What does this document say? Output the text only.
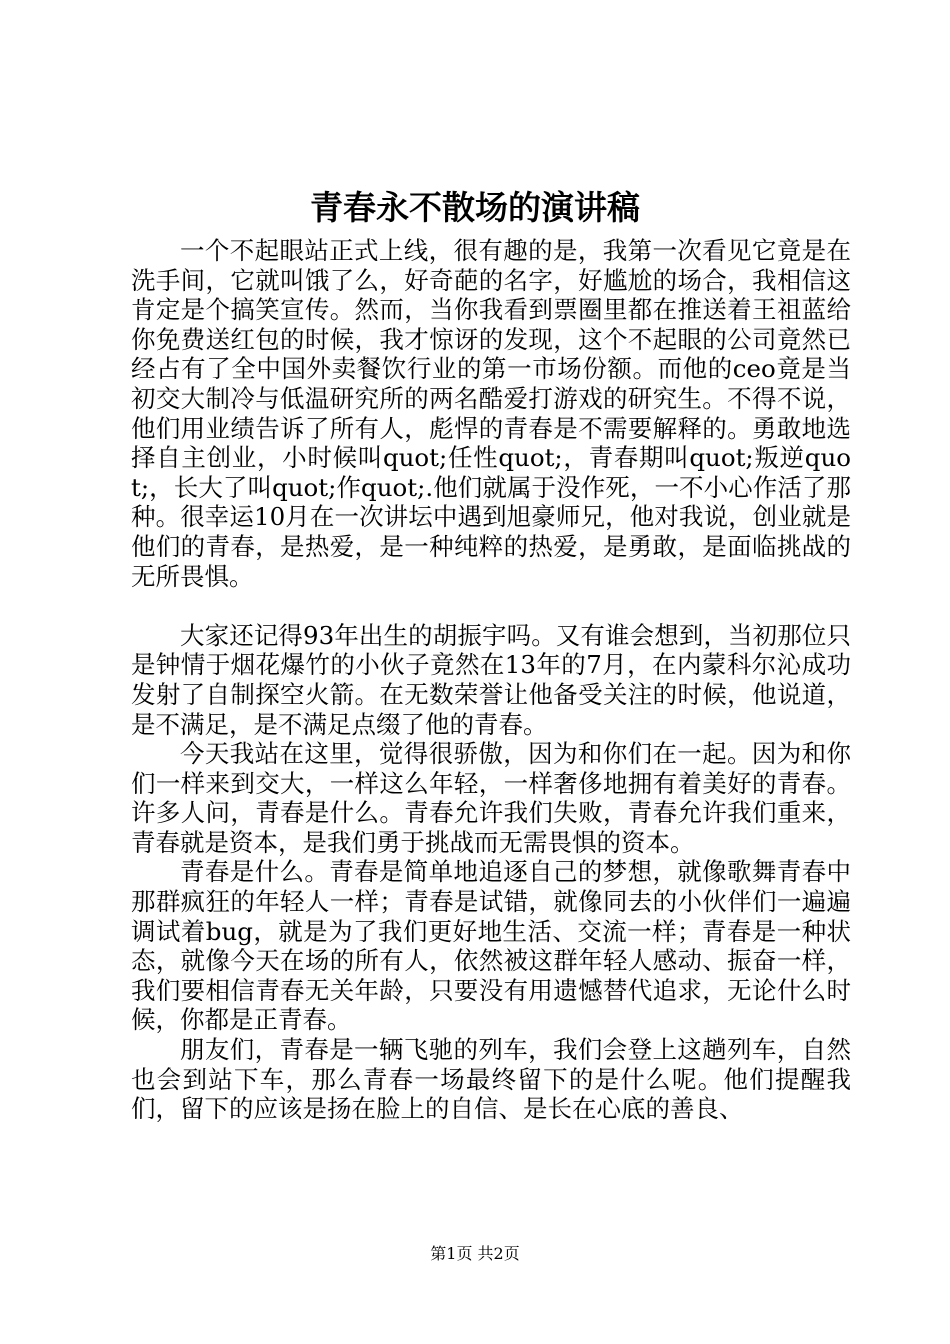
青春永不散场的演讲稿

一个不起眼站正式上线，很有趣的是，我第一次看见它竟是在洗手间，它就叫饿了么，好奇葩的名字，好尴尬的场合，我相信这肯定是个搞笑宣传。然而，当你我看到票圈里都在推送着王祖蓝给你免费送红包的时候，我才惊讶的发现，这个不起眼的公司竟然已经占有了全中国外卖餐饮行业的第一市场份额。而他的ceo竟是当初交大制冷与低温研究所的两名酷爱打游戏的研究生。不得不说，他们用业绩告诉了所有人，彪悍的青春是不需要解释的。勇敢地选择自主创业，小时候叫quot;任性quot;，青春期叫quot;叛逆quot;，长大了叫quot;作quot;.他们就属于没作死，一不小心作活了那种。很幸运10月在一次讲坛中遇到旭豪师兄，他对我说，创业就是他们的青春，是热爱，是一种纯粹的热爱，是勇敢，是面临挑战的无所畏惧。

大家还记得93年出生的胡振宇吗。又有谁会想到，当初那位只是钟情于烟花爆竹的小伙子竟然在13年的7月，在内蒙科尔沁成功发射了自制探空火箭。在无数荣誉让他备受关注的时候，他说道，是不满足，是不满足点缀了他的青春。

今天我站在这里，觉得很骄傲，因为和你们在一起。因为和你们一样来到交大，一样这么年轻，一样奢侈地拥有着美好的青春。许多人问，青春是什么。青春允许我们失败，青春允许我们重来，青春就是资本，是我们勇于挑战而无需畏惧的资本。

青春是什么。青春是简单地追逐自己的梦想，就像歌舞青春中那群疯狂的年轻人一样；青春是试错，就像同去的小伙伴们一遍遍调试着bug，就是为了我们更好地生活、交流一样；青春是一种状态，就像今天在场的所有人，依然被这群年轻人感动、振奋一样，我们要相信青春无关年龄，只要没有用遗憾替代追求，无论什么时候，你都是正青春。

朋友们，青春是一辆飞驰的列车，我们会登上这趟列车，自然也会到站下车，那么青春一场最终留下的是什么呢。他们提醒我们，留下的应该是扬在脸上的自信、是长在心底的善良、

第1页 共2页
